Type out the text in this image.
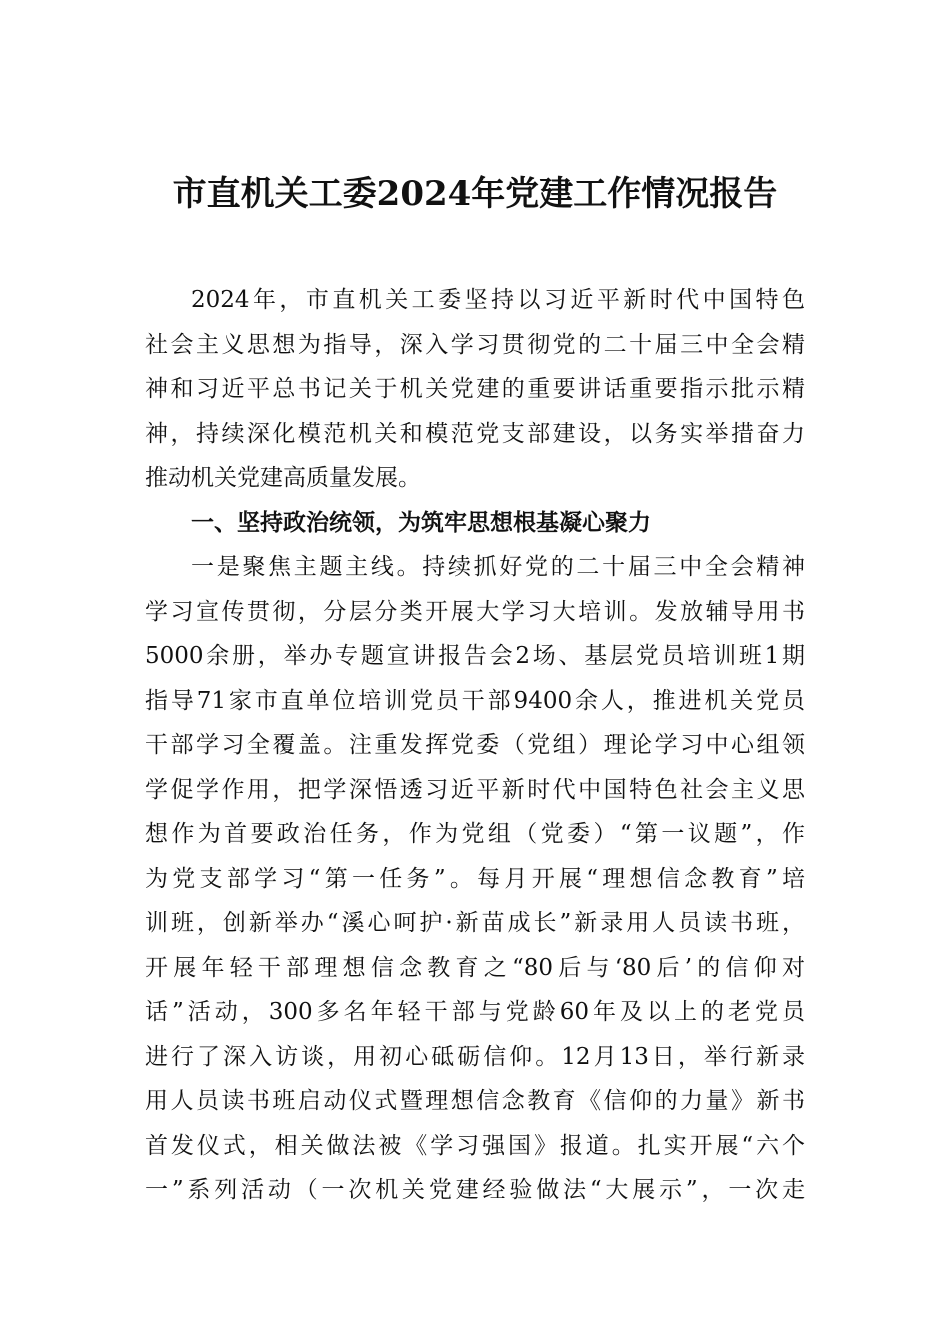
市直机关工委2024年党建工作情况报告
2024年，市直机关工委坚持以习近平新时代中国特色
社会主义思想为指导，深入学习贯彻党的二十届三中全会精
神和习近平总书记关于机关党建的重要讲话重要指示批示精
神，持续深化模范机关和模范党支部建设，以务实举措奋力
推动机关党建高质量发展。
一、坚持政治统领，为筑牢思想根基凝心聚力
一是聚焦主题主线。持续抓好党的二十届三中全会精神
学习宣传贯彻，分层分类开展大学习大培训。发放辅导用书
5000余册，举办专题宣讲报告会2场、基层党员培训班1期
指导71家市直单位培训党员干部9400余人，推进机关党员
干部学习全覆盖。注重发挥党委（党组）理论学习中心组领
学促学作用，把学深悟透习近平新时代中国特色社会主义思
想作为首要政治任务，作为党组（党委）“第一议题”，作
为党支部学习“第一任务”。每月开展“理想信念教育”培
训班，创新举办“溪心呵护·新苗成长”新录用人员读书班，
开展年轻干部理想信念教育之“80后与‘80后’的信仰对
话”活动，300多名年轻干部与党龄60年及以上的老党员
进行了深入访谈，用初心砥砺信仰。12月13日，举行新录
用人员读书班启动仪式暨理想信念教育《信仰的力量》新书
首发仪式，相关做法被《学习强国》报道。扎实开展“六个
一”系列活动（一次机关党建经验做法“大展示”，一次走
